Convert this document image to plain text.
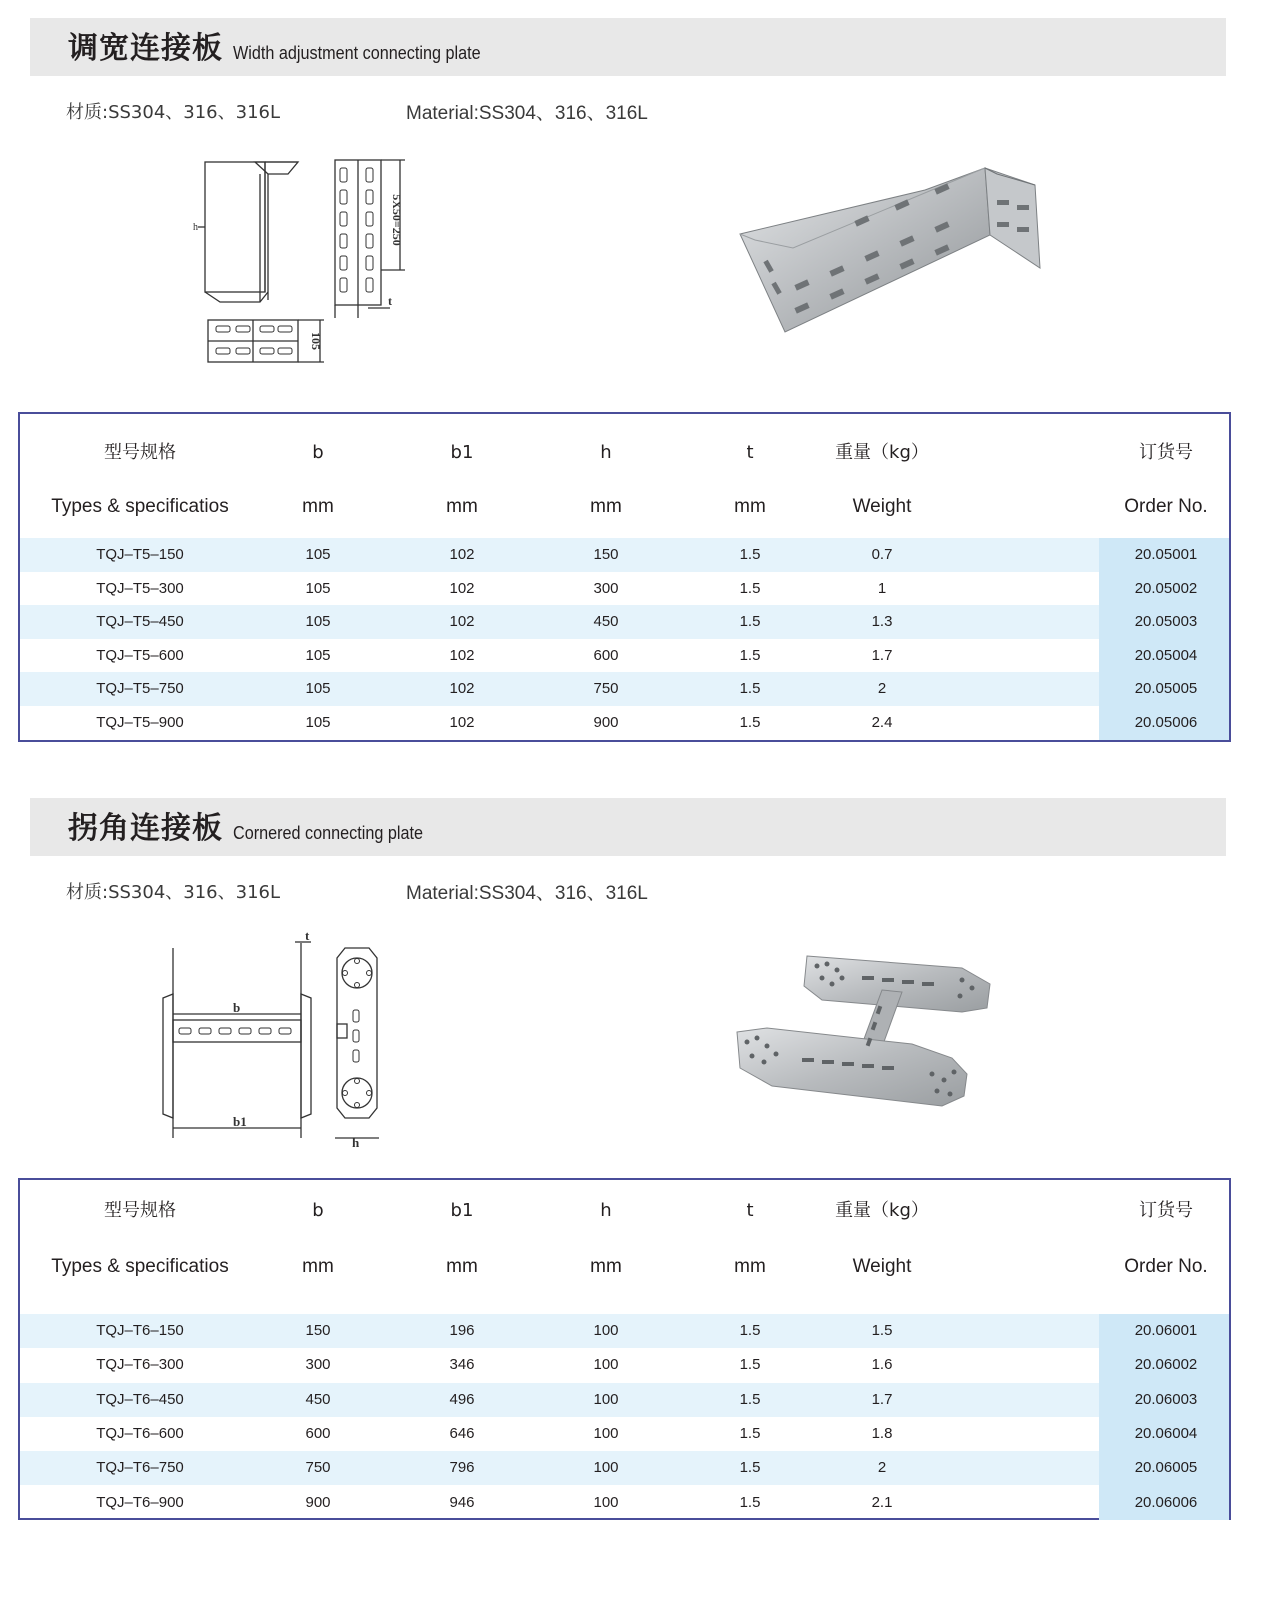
调宽连接板 Width adjustment connecting plate
材质:SS304、316、316L	Material:SS304、316、316L
h	5X50=250
t
105
型号规格	b	b1	h	t	重量（kg）	订货号
Types & specificatios	mm	mm	mm	mm	Weight	Order No.
TQJ–T5–150	105	102	150	1.5	0.7	20.05001
TQJ–T5–300	105	102	300	1.5	1	20.05002
TQJ–T5–450	105	102	450	1.5	1.3	20.05003
TQJ–T5–600	105	102	600	1.5	1.7	20.05004
TQJ–T5–750	105	102	750	1.5	2	20.05005
TQJ–T5–900	105	102	900	1.5	2.4	20.05006
拐角连接板 Cornered connecting plate
材质:SS304、316、316L	Material:SS304、316、316L
t
b
b1
h
型号规格	b	b1	h	t	重量（kg）	订货号
Types & specificatios	mm	mm	mm	mm	Weight	Order No.
TQJ–T6–150	150	196	100	1.5	1.5	20.06001
TQJ–T6–300	300	346	100	1.5	1.6	20.06002
TQJ–T6–450	450	496	100	1.5	1.7	20.06003
TQJ–T6–600	600	646	100	1.5	1.8	20.06004
TQJ–T6–750	750	796	100	1.5	2	20.06005
TQJ–T6–900	900	946	100	1.5	2.1	20.06006
